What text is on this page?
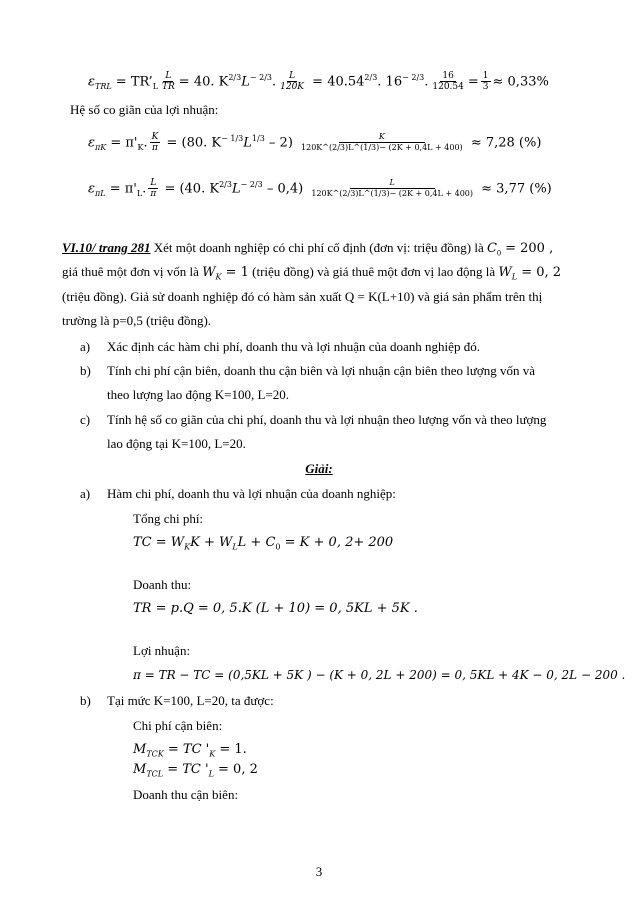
$\varepsilon_{TRL}$ = $TR’_L \frac{L}{TR} = 40$. $K^{2/3}L^{- 2/3}$. $\frac{L}{120K} = 40.54^{2/3}$. $16^{- 2/3}$. $\frac{16}{120.54} = \frac{1}{3} \approx 0,33\%$
Hệ số co giãn của lợi nhuận:
$\varepsilon_{\pi K} = \pi'_K$. $\frac{K}{\pi} = (80$. $K^{- 1/3}L^{1/3} - 2) \frac{K}{120K\^{}(2/3)L\^{}(1/3)- (2K + 0,4L + 400)} \approx 7,28$ (%)
$\varepsilon_{\pi L} = \pi'_L$. $\frac{L}{\pi} = (40$. $K^{2/3}L^{- 2/3} - 0,4) \frac{L}{120K\^{}(2/3)L\^{}(1/3)- (2K + 0,4L + 400)} \approx 3,77$ (%)
VI.10/ trang 281 Xét một doanh nghiệp có chi phí cố định (đơn vị: triệu đồng) là $C_0 = 200$ ,
giá thuê một đơn vị vốn là $W_K = 1$ (triệu đồng) và giá thuê một đơn vị lao động là $W_L = 0$, 2
(triệu đồng). Giả sử doanh nghiệp đó có hàm sản xuất Q = K(L+10) và giá sản phẩm trên thị
trường là p=0,5 (triệu đồng).
a) Xác định các hàm chi phí, doanh thu và lợi nhuận của doanh nghiệp đó.
b) Tính chi phí cận biên, doanh thu cận biên và lợi nhuận cận biên theo lượng vốn và
theo lượng lao động K=100, L=20.
c) Tính hệ số co giãn của chi phí, doanh thu và lợi nhuận theo lượng vốn và theo lượng
lao động tại K=100, L=20.
Giải:
a) Hàm chi phí, doanh thu và lợi nhuận của doanh nghiệp:
Tổng chi phí:
TC = $W_KK + W_LL + C_0 = K + 0$, 2+ 200
Doanh thu:
TR = p.Q = 0, 5.K (L + 10) = 0, 5KL + 5K .
Lợi nhuận:
π = TR − TC = (0,5KL + 5K ) − (K + 0, 2L + 200) = 0, 5KL + 4K − 0, 2L − 200 .
b) Tại mức K=100, L=20, ta được:
Chi phí cận biên:
$M_{TCK}$ = TC '$_K = 1$.
$M_{TCL}$ = TC '$_L = 0$, 2
Doanh thu cận biên:
3
